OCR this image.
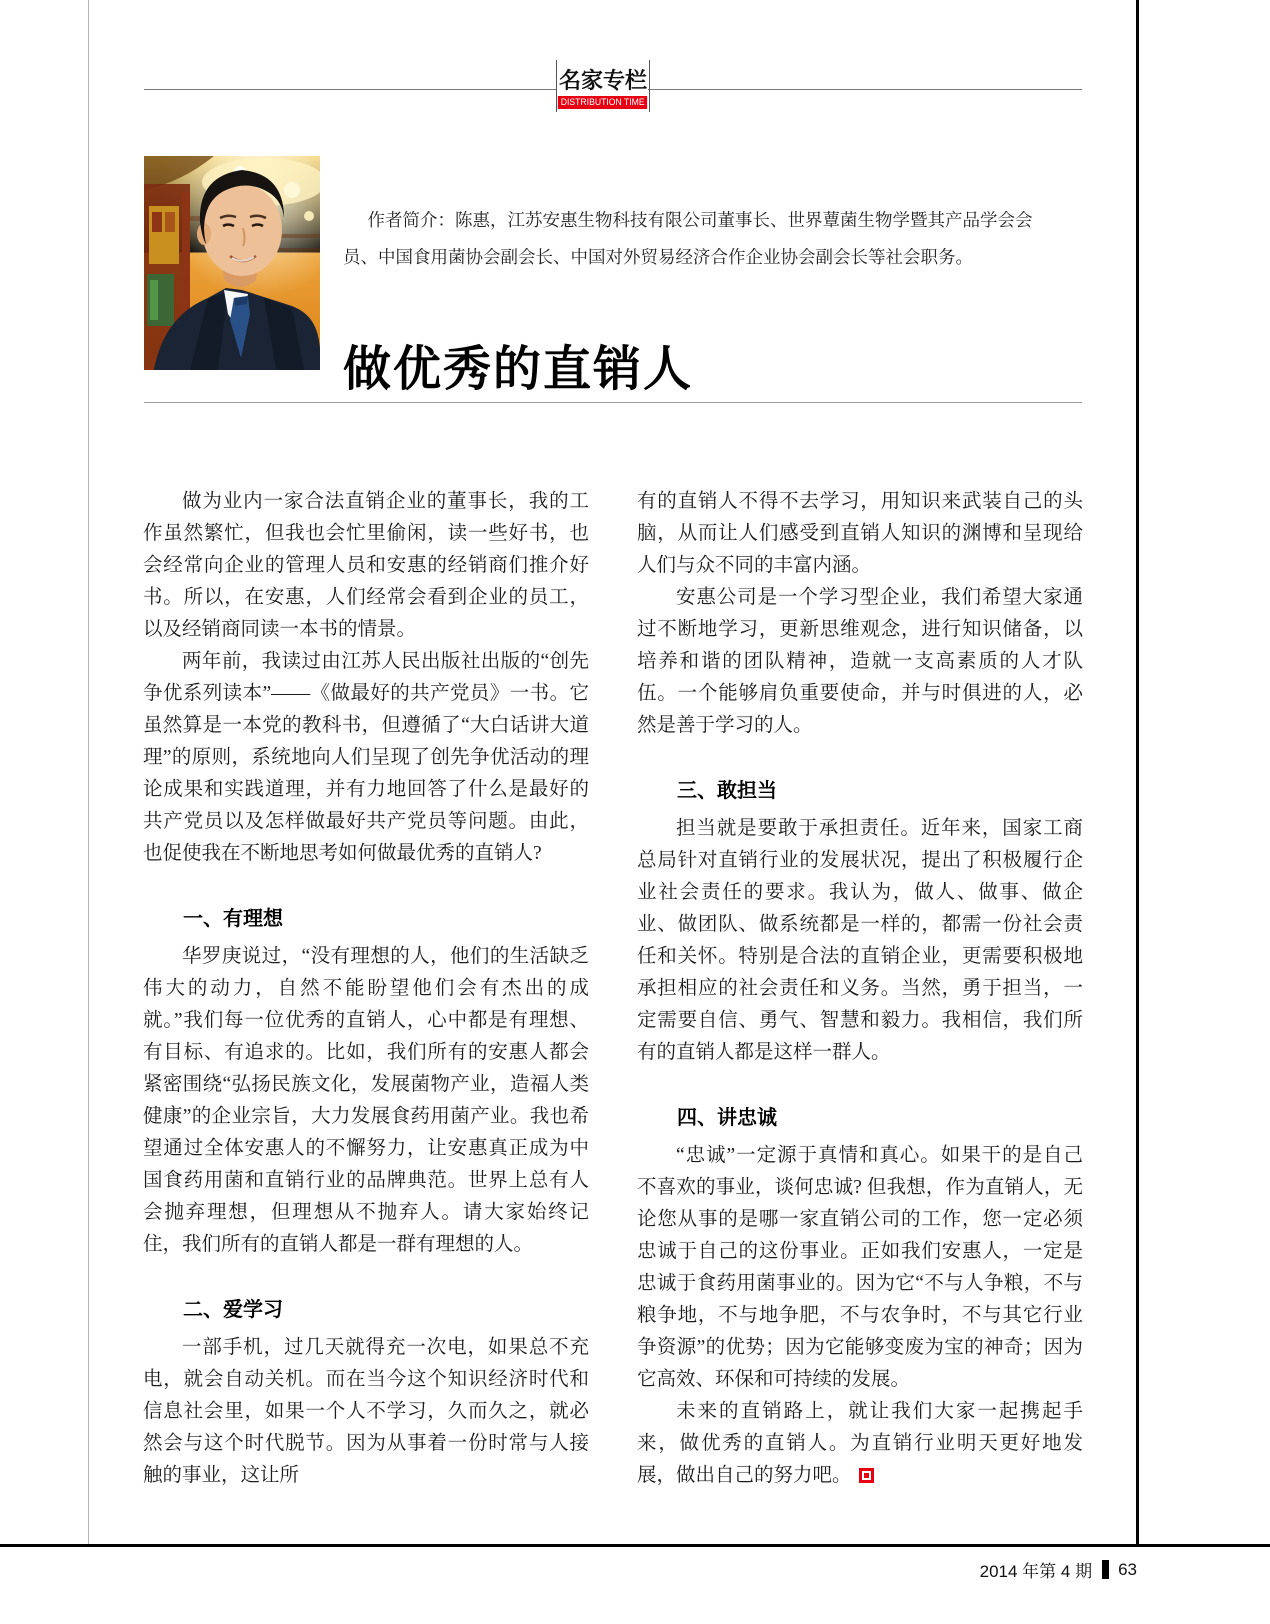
名家专栏
DISTRIBUTION TIME
作者简介：陈惠，江苏安惠生物科技有限公司董事长、世界蕈菌生物学暨其产品学会会员、中国食用菌协会副会长、中国对外贸易经济合作企业协会副会长等社会职务。
做优秀的直销人
做为业内一家合法直销企业的董事长，我的工作虽然繁忙，但我也会忙里偷闲，读一些好书，也会经常向企业的管理人员和安惠的经销商们推介好书。所以，在安惠，人们经常会看到企业的员工，以及经销商同读一本书的情景。
两年前，我读过由江苏人民出版社出版的“创先争优系列读本”——《做最好的共产党员》一书。它虽然算是一本党的教科书，但遵循了“大白话讲大道理”的原则，系统地向人们呈现了创先争优活动的理论成果和实践道理，并有力地回答了什么是最好的共产党员以及怎样做最好共产党员等问题。由此，也促使我在不断地思考如何做最优秀的直销人?
一、有理想
华罗庚说过，“没有理想的人，他们的生活缺乏伟大的动力，自然不能盼望他们会有杰出的成就。”我们每一位优秀的直销人，心中都是有理想、有目标、有追求的。比如，我们所有的安惠人都会紧密围绕“弘扬民族文化，发展菌物产业，造福人类健康”的企业宗旨，大力发展食药用菌产业。我也希望通过全体安惠人的不懈努力，让安惠真正成为中国食药用菌和直销行业的品牌典范。世界上总有人会抛弃理想，但理想从不抛弃人。请大家始终记住，我们所有的直销人都是一群有理想的人。
二、爱学习
一部手机，过几天就得充一次电，如果总不充电，就会自动关机。而在当今这个知识经济时代和信息社会里，如果一个人不学习，久而久之，就必然会与这个时代脱节。因为从事着一份时常与人接触的事业，这让所
有的直销人不得不去学习，用知识来武装自己的头脑，从而让人们感受到直销人知识的渊博和呈现给人们与众不同的丰富内涵。
安惠公司是一个学习型企业，我们希望大家通过不断地学习，更新思维观念，进行知识储备，以培养和谐的团队精神，造就一支高素质的人才队伍。一个能够肩负重要使命，并与时俱进的人，必然是善于学习的人。
三、敢担当
担当就是要敢于承担责任。近年来，国家工商总局针对直销行业的发展状况，提出了积极履行企业社会责任的要求。我认为，做人、做事、做企业、做团队、做系统都是一样的，都需一份社会责任和关怀。特别是合法的直销企业，更需要积极地承担相应的社会责任和义务。当然，勇于担当，一定需要自信、勇气、智慧和毅力。我相信，我们所有的直销人都是这样一群人。
四、讲忠诚
“忠诚”一定源于真情和真心。如果干的是自己不喜欢的事业，谈何忠诚? 但我想，作为直销人，无论您从事的是哪一家直销公司的工作，您一定必须忠诚于自己的这份事业。正如我们安惠人，一定是忠诚于食药用菌事业的。因为它“不与人争粮，不与粮争地，不与地争肥，不与农争时，不与其它行业争资源”的优势；因为它能够变废为宝的神奇；因为它高效、环保和可持续的发展。
未来的直销路上，就让我们大家一起携起手来，做优秀的直销人。为直销行业明天更好地发展，做出自己的努力吧。
2014 年第 4 期 63
